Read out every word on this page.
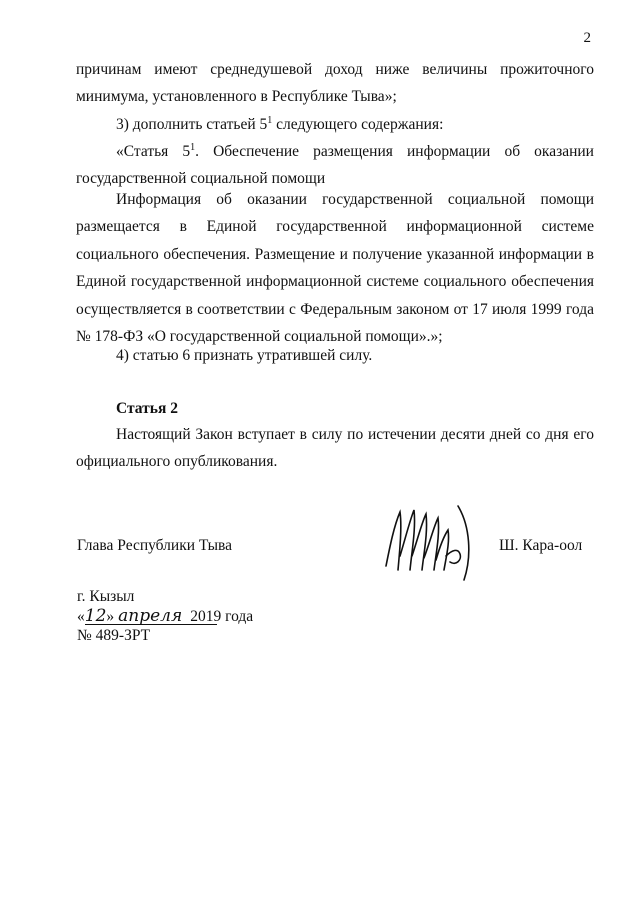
2

причинам имеют среднедушевой доход ниже величины прожиточного минимума, установленного в Республике Тыва»;

3) дополнить статьей $5^1$ следующего содержания:

«Статья $5^1$. Обеспечение размещения информации об оказании государственной социальной помощи

Информация об оказании государственной социальной помощи размещается в Единой государственной информационной системе социального обеспечения. Размещение и получение указанной информации в Единой государственной информационной системе социального обеспечения осуществляется в соответствии с Федеральным законом от 17 июля 1999 года № 178-ФЗ «О государственной социальной помощи».»;

4) статью 6 признать утратившей силу.

Статья 2

Настоящий Закон вступает в силу по истечении десяти дней со дня его официального опубликования.

Глава Республики Тыва	Ш. Кара-оол
г. Кызыл
«12» апреля 2019 года
№ 489-ЗРТ
